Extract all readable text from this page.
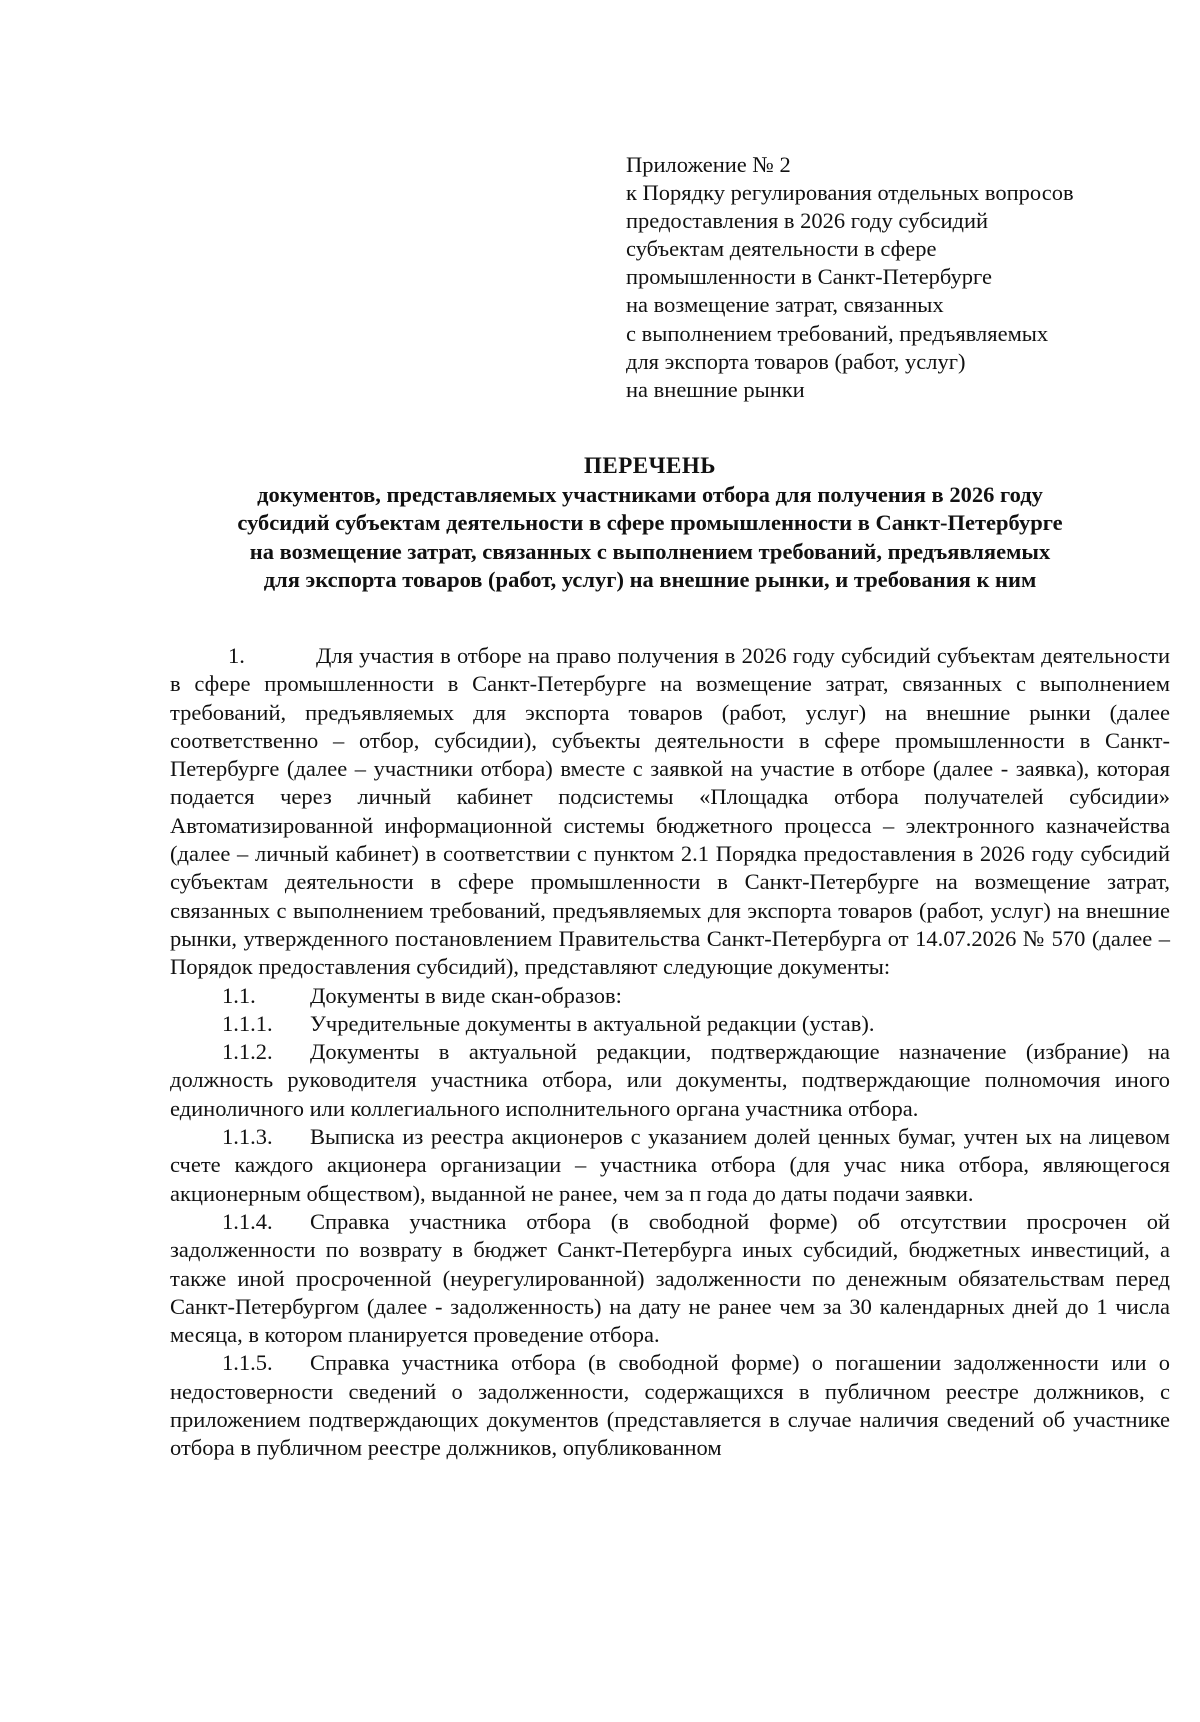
Приложение № 2
к Порядку регулирования отдельных вопросов
предоставления в 2026 году субсидий
субъектам деятельности в сфере
промышленности в Санкт-Петербурге
на возмещение затрат, связанных
с выполнением требований, предъявляемых
для экспорта товаров (работ, услуг)
на внешние рынки
ПЕРЕЧЕНЬ
документов, представляемых участниками отбора для получения в 2026 году
субсидий субъектам деятельности в сфере промышленности в Санкт-Петербурге
на возмещение затрат, связанных с выполнением требований, предъявляемых
для экспорта товаров (работ, услуг) на внешние рынки, и требования к ним

1.	Для участия в отборе на право получения в 2026 году субсидий субъектам деятельности в сфере промышленности в Санкт-Петербурге на возмещение затрат, связанных с выполнением требований, предъявляемых для экспорта товаров (работ, услуг) на внешние рынки (далее соответственно – отбор, субсидии), субъекты деятельности в сфере промышленности в Санкт-Петербурге (далее – участники отбора) вместе с заявкой на участие в отборе (далее - заявка), которая подается через личный кабинет подсистемы «Площадка отбора получателей субсидии» Автоматизированной информационной системы бюджетного процесса – электронного казначейства (далее – личный кабинет) в соответствии с пунктом 2.1 Порядка предоставления в 2026 году субсидий субъектам деятельности в сфере промышленности в Санкт-Петербурге на возмещение затрат, связанных с выполнением требований, предъявляемых для экспорта товаров (работ, услуг) на внешние рынки, утвержденного постановлением Правительства Санкт-Петербурга от 14.07.2026 № 570 (далее – Порядок предоставления субсидий), представляют следующие документы:

1.1. Документы в виде скан-образов:

1.1.1. Учредительные документы в актуальной редакции (устав).

1.1.2. Документы в актуальной редакции, подтверждающие назначение (избрание) на должность руководителя участника отбора, или документы, подтверждающие полномочия иного единоличного или коллегиального исполнительного органа участника отбора.

1.1.3. Выписка из реестра акционеров с указанием долей ценных бумаг, учтен ых на лицевом счете каждого акционера организации – участника отбора (для учас ника отбора, являющегося акционерным обществом), выданной не ранее, чем за п года до даты подачи заявки.

1.1.4. Справка участника отбора (в свободной форме) об отсутствии просрочен ой задолженности по возврату в бюджет Санкт-Петербурга иных субсидий, бюджетных инвестиций, а также иной просроченной (неурегулированной) задолженности по денежным обязательствам перед Санкт-Петербургом (далее - задолженность) на дату не ранее чем за 30 календарных дней до 1 числа месяца, в котором планируется проведение отбора.

1.1.5. Справка участника отбора (в свободной форме) о погашении задолженности или о недостоверности сведений о задолженности, содержащихся в публичном реестре должников, с приложением подтверждающих документов (представляется в случае наличия сведений об участнике отбора в публичном реестре должников, опубликованном
